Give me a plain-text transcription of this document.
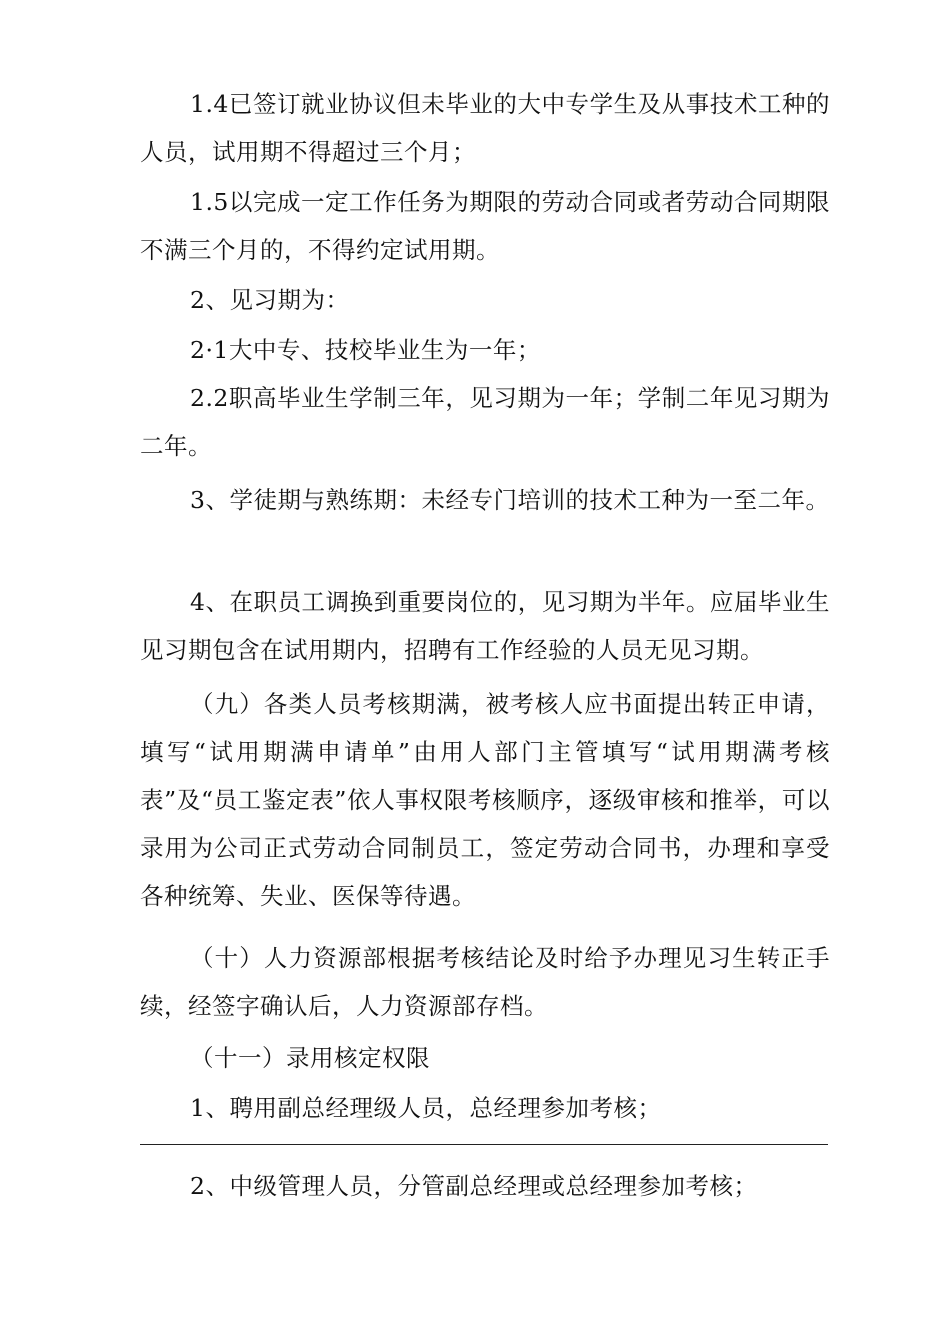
1.4已签订就业协议但未毕业的大中专学生及从事技术工种的人员，试用期不得超过三个月；

1.5以完成一定工作任务为期限的劳动合同或者劳动合同期限不满三个月的，不得约定试用期。

2、见习期为：

2·1大中专、技校毕业生为一年；

2.2职高毕业生学制三年，见习期为一年；学制二年见习期为二年。

3、学徒期与熟练期：未经专门培训的技术工种为一至二年。

4、在职员工调换到重要岗位的，见习期为半年。应届毕业生见习期包含在试用期内，招聘有工作经验的人员无见习期。

（九）各类人员考核期满，被考核人应书面提出转正申请，填写“试用期满申请单”由用人部门主管填写“试用期满考核表”及“员工鉴定表”依人事权限考核顺序，逐级审核和推举，可以录用为公司正式劳动合同制员工，签定劳动合同书，办理和享受各种统筹、失业、医保等待遇。

（十）人力资源部根据考核结论及时给予办理见习生转正手续，经签字确认后，人力资源部存档。

（十一）录用核定权限

1、聘用副总经理级人员，总经理参加考核；

2、中级管理人员，分管副总经理或总经理参加考核；
